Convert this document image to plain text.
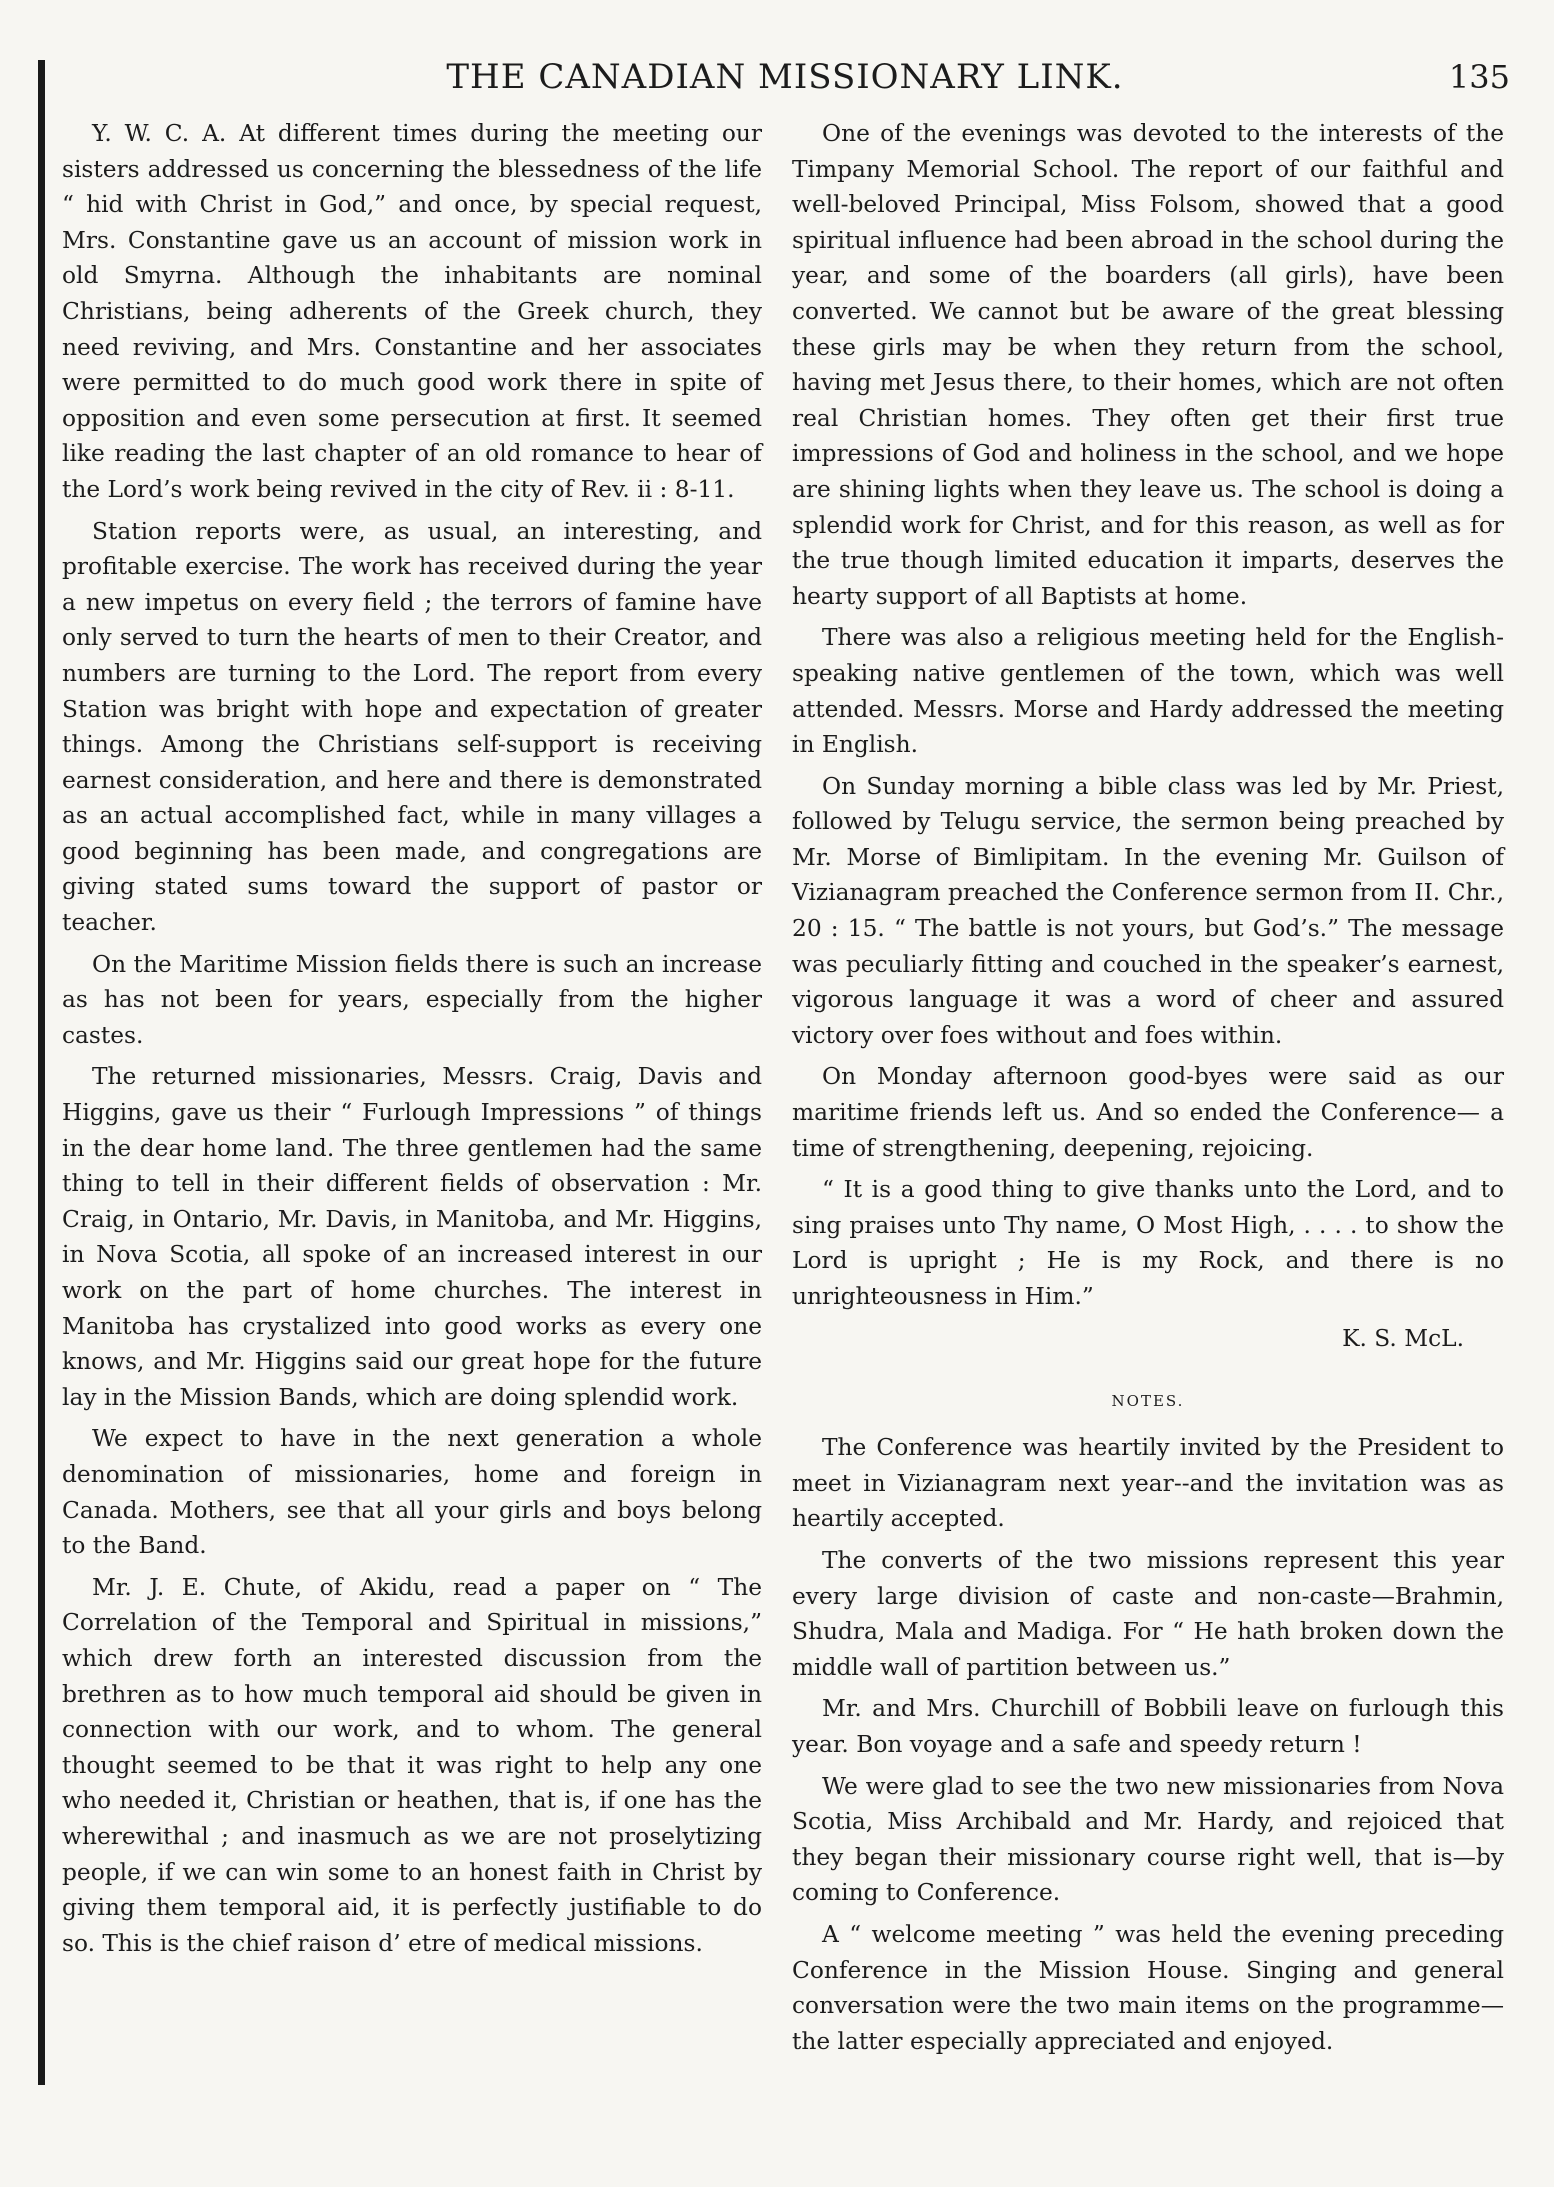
THE CANADIAN MISSIONARY LINK.	135

Y. W. C. A. At different times during the meeting our sisters addressed us concerning the blessedness of the life “ hid with Christ in God,” and once, by special request, Mrs. Constantine gave us an account of mission work in old Smyrna. Although the inhabitants are nominal Christians, being adherents of the Greek church, they need reviving, and Mrs. Constantine and her associates were permitted to do much good work there in spite of opposition and even some persecution at first. It seemed like reading the last chapter of an old romance to hear of the Lord’s work being revived in the city of Rev. ii : 8-11.

Station reports were, as usual, an interesting, and profitable exercise. The work has received during the year a new impetus on every field ; the terrors of famine have only served to turn the hearts of men to their Creator, and numbers are turning to the Lord. The report from every Station was bright with hope and expectation of greater things. Among the Christians self-support is receiving earnest consideration, and here and there is demonstrated as an actual accomplished fact, while in many villages a good beginning has been made, and congregations are giving stated sums toward the support of pastor or teacher.

On the Maritime Mission fields there is such an increase as has not been for years, especially from the higher castes.

The returned missionaries, Messrs. Craig, Davis and Higgins, gave us their “ Furlough Impressions ” of things in the dear home land. The three gentlemen had the same thing to tell in their different fields of observation : Mr. Craig, in Ontario, Mr. Davis, in Manitoba, and Mr. Higgins, in Nova Scotia, all spoke of an increased interest in our work on the part of home churches. The interest in Manitoba has crystalized into good works as every one knows, and Mr. Higgins said our great hope for the future lay in the Mission Bands, which are doing splendid work.

We expect to have in the next generation a whole denomination of missionaries, home and foreign in Canada. Mothers, see that all your girls and boys belong to the Band.

Mr. J. E. Chute, of Akidu, read a paper on “ The Correlation of the Temporal and Spiritual in missions,” which drew forth an interested discussion from the brethren as to how much temporal aid should be given in connection with our work, and to whom. The general thought seemed to be that it was right to help any one who needed it, Christian or heathen, that is, if one has the wherewithal ; and inasmuch as we are not proselytizing people, if we can win some to an honest faith in Christ by giving them temporal aid, it is perfectly justifiable to do so. This is the chief raison d’ etre of medical missions.

One of the evenings was devoted to the interests of the Timpany Memorial School. The report of our faithful and well-beloved Principal, Miss Folsom, showed that a good spiritual influence had been abroad in the school during the year, and some of the boarders (all girls), have been converted. We cannot but be aware of the great blessing these girls may be when they return from the school, having met Jesus there, to their homes, which are not often real Christian homes. They often get their first true impressions of God and holiness in the school, and we hope are shining lights when they leave us. The school is doing a splendid work for Christ, and for this reason, as well as for the true though limited education it imparts, deserves the hearty support of all Baptists at home.

There was also a religious meeting held for the English-speaking native gentlemen of the town, which was well attended. Messrs. Morse and Hardy addressed the meeting in English.

On Sunday morning a bible class was led by Mr. Priest, followed by Telugu service, the sermon being preached by Mr. Morse of Bimlipitam. In the evening Mr. Guilson of Vizianagram preached the Conference sermon from II. Chr., 20 : 15. “ The battle is not yours, but God’s.” The message was peculiarly fitting and couched in the speaker’s earnest, vigorous language it was a word of cheer and assured victory over foes without and foes within.

On Monday afternoon good-byes were said as our maritime friends left us. And so ended the Conference— a time of strengthening, deepening, rejoicing.

“ It is a good thing to give thanks unto the Lord, and to sing praises unto Thy name, O Most High, . . . . to show the Lord is upright ; He is my Rock, and there is no unrighteousness in Him.”

K. S. McL.

NOTES.

The Conference was heartily invited by the President to meet in Vizianagram next year--and the invitation was as heartily accepted.

The converts of the two missions represent this year every large division of caste and non-caste—Brahmin, Shudra, Mala and Madiga. For “ He hath broken down the middle wall of partition between us.”

Mr. and Mrs. Churchill of Bobbili leave on furlough this year. Bon voyage and a safe and speedy return !

We were glad to see the two new missionaries from Nova Scotia, Miss Archibald and Mr. Hardy, and rejoiced that they began their missionary course right well, that is—by coming to Conference.

A “ welcome meeting ” was held the evening preceding Conference in the Mission House. Singing and general conversation were the two main items on the programme— the latter especially appreciated and enjoyed.
